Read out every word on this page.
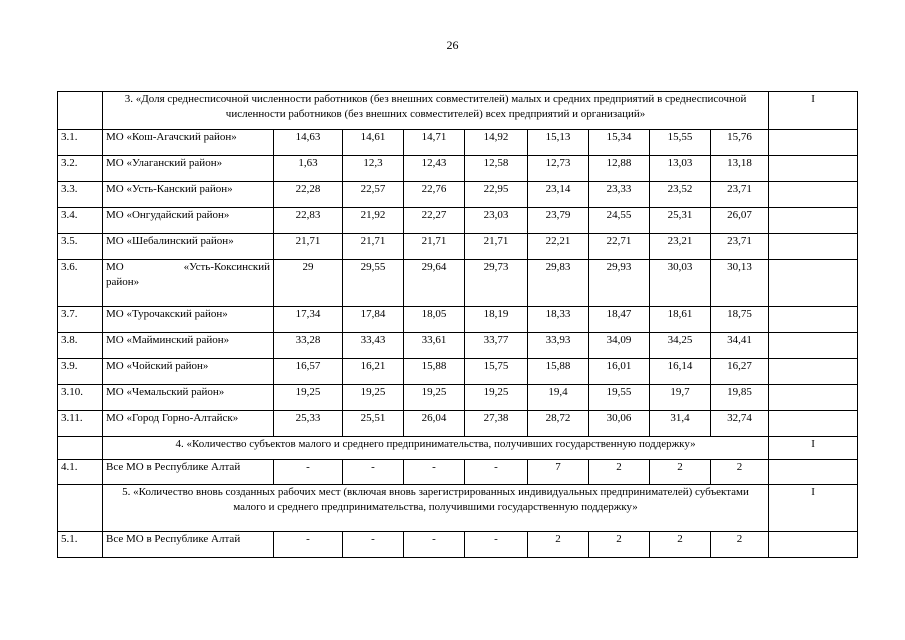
26
	3. «Доля среднесписочной численности работников (без внешних совместителей) малых и средних предприятий в среднесписочной численности работников (без внешних совместителей) всех предприятий и организаций»									I
3.1.	МО «Кош-Агачский район»	14,63	14,61	14,71	14,92	15,13	15,34	15,55	15,76	
3.2.	МО «Улаганский район»	1,63	12,3	12,43	12,58	12,73	12,88	13,03	13,18	
3.3.	МО «Усть-Канский район»	22,28	22,57	22,76	22,95	23,14	23,33	23,52	23,71	
3.4.	МО «Онгудайский район»	22,83	21,92	22,27	23,03	23,79	24,55	25,31	26,07	
3.5.	МО «Шебалинский район»	21,71	21,71	21,71	21,71	22,21	22,71	23,21	23,71	
3.6.	МО «Усть-Коксинский
район»	29	29,55	29,64	29,73	29,83	29,93	30,03	30,13	
3.7.	МО «Турочакский район»	17,34	17,84	18,05	18,19	18,33	18,47	18,61	18,75	
3.8.	МО «Майминский район»	33,28	33,43	33,61	33,77	33,93	34,09	34,25	34,41	
3.9.	МО «Чойский район»	16,57	16,21	15,88	15,75	15,88	16,01	16,14	16,27	
3.10.	МО «Чемальский район»	19,25	19,25	19,25	19,25	19,4	19,55	19,7	19,85	
3.11.	МО «Город Горно-Алтайск»	25,33	25,51	26,04	27,38	28,72	30,06	31,4	32,74	
	4. «Количество субъектов малого и среднего предпринимательства, получивших государственную поддержку»									I
4.1.	Все МО в Республике Алтай	-	-	-	-	7	2	2	2	
	5. «Количество вновь созданных рабочих мест (включая вновь зарегистрированных индивидуальных предпринимателей) субъектами малого и среднего предпринимательства, получившими государственную поддержку»									I
5.1.	Все МО в Республике Алтай	-	-	-	-	2	2	2	2	
